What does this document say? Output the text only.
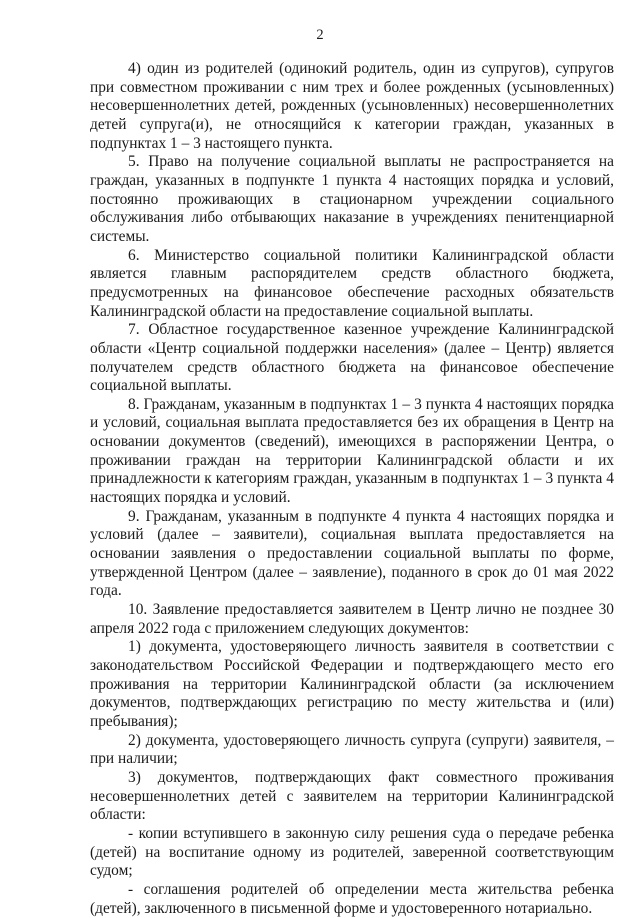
2

4) один из родителей (одинокий родитель, один из супругов), супругов при совместном проживании с ним трех и более рожденных (усыновленных) несовершеннолетних детей, рожденных (усыновленных) несовершеннолетних детей супруга(и), не относящийся к категории граждан, указанных в подпунктах 1 – 3 настоящего пункта.

5. Право на получение социальной выплаты не распространяется на граждан, указанных в подпункте 1 пункта 4 настоящих порядка и условий, постоянно проживающих в стационарном учреждении социального обслуживания либо отбывающих наказание в учреждениях пенитенциарной системы.

6. Министерство социальной политики Калининградской области является главным распорядителем средств областного бюджета, предусмотренных на финансовое обеспечение расходных обязательств Калининградской области на предоставление социальной выплаты.

7. Областное государственное казенное учреждение Калининградской области «Центр социальной поддержки населения» (далее – Центр) является получателем средств областного бюджета на финансовое обеспечение социальной выплаты.

8. Гражданам, указанным в подпунктах 1 – 3 пункта 4 настоящих порядка и условий, социальная выплата предоставляется без их обращения в Центр на основании документов (сведений), имеющихся в распоряжении Центра, о проживании граждан на территории Калининградской области и их принадлежности к категориям граждан, указанным в подпунктах 1 – 3 пункта 4 настоящих порядка и условий.

9. Гражданам, указанным в подпункте 4 пункта 4 настоящих порядка и условий (далее – заявители), социальная выплата предоставляется на основании заявления о предоставлении социальной выплаты по форме, утвержденной Центром (далее – заявление), поданного в срок до 01 мая 2022 года.

10. Заявление предоставляется заявителем в Центр лично не позднее 30 апреля 2022 года с приложением следующих документов:

1) документа, удостоверяющего личность заявителя в соответствии с законодательством Российской Федерации и подтверждающего место его проживания на территории Калининградской области (за исключением документов, подтверждающих регистрацию по месту жительства и (или) пребывания);

2) документа, удостоверяющего личность супруга (супруги) заявителя, – при наличии;

3) документов, подтверждающих факт совместного проживания несовершеннолетних детей с заявителем на территории Калининградской области:

- копии вступившего в законную силу решения суда о передаче ребенка (детей) на воспитание одному из родителей, заверенной соответствующим судом;

- соглашения родителей об определении места жительства ребенка (детей), заключенного в письменной форме и удостоверенного нотариально.
